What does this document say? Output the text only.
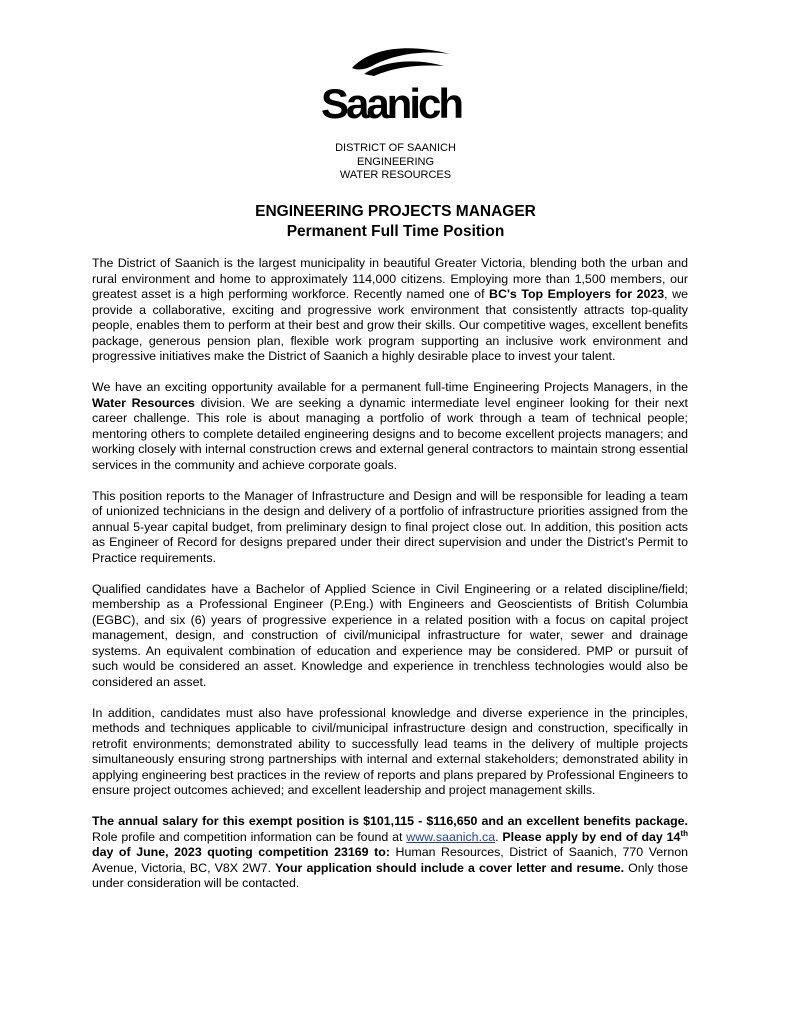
Saanich
DISTRICT OF SAANICH
ENGINEERING
WATER RESOURCES
ENGINEERING PROJECTS MANAGER
Permanent Full Time Position

The District of Saanich is the largest municipality in beautiful Greater Victoria, blending both the urban and rural environment and home to approximately 114,000 citizens. Employing more than 1,500 members, our greatest asset is a high performing workforce. Recently named one of BC's Top Employers for 2023, we provide a collaborative, exciting and progressive work environment that consistently attracts top-quality people, enables them to perform at their best and grow their skills. Our competitive wages, excellent benefits package, generous pension plan, flexible work program supporting an inclusive work environment and progressive initiatives make the District of Saanich a highly desirable place to invest your talent.

We have an exciting opportunity available for a permanent full-time Engineering Projects Managers, in the Water Resources division. We are seeking a dynamic intermediate level engineer looking for their next career challenge. This role is about managing a portfolio of work through a team of technical people; mentoring others to complete detailed engineering designs and to become excellent projects managers; and working closely with internal construction crews and external general contractors to maintain strong essential services in the community and achieve corporate goals.

This position reports to the Manager of Infrastructure and Design and will be responsible for leading a team of unionized technicians in the design and delivery of a portfolio of infrastructure priorities assigned from the annual 5-year capital budget, from preliminary design to final project close out. In addition, this position acts as Engineer of Record for designs prepared under their direct supervision and under the District's Permit to Practice requirements.

Qualified candidates have a Bachelor of Applied Science in Civil Engineering or a related discipline/field; membership as a Professional Engineer (P.Eng.) with Engineers and Geoscientists of British Columbia (EGBC), and six (6) years of progressive experience in a related position with a focus on capital project management, design, and construction of civil/municipal infrastructure for water, sewer and drainage systems. An equivalent combination of education and experience may be considered. PMP or pursuit of such would be considered an asset. Knowledge and experience in trenchless technologies would also be considered an asset.

In addition, candidates must also have professional knowledge and diverse experience in the principles, methods and techniques applicable to civil/municipal infrastructure design and construction, specifically in retrofit environments; demonstrated ability to successfully lead teams in the delivery of multiple projects simultaneously ensuring strong partnerships with internal and external stakeholders; demonstrated ability in applying engineering best practices in the review of reports and plans prepared by Professional Engineers to ensure project outcomes achieved; and excellent leadership and project management skills.

The annual salary for this exempt position is $101,115 - $116,650 and an excellent benefits package. Role profile and competition information can be found at www.saanich.ca. Please apply by end of day 14th day of June, 2023 quoting competition 23169 to: Human Resources, District of Saanich, 770 Vernon Avenue, Victoria, BC, V8X 2W7. Your application should include a cover letter and resume. Only those under consideration will be contacted.
